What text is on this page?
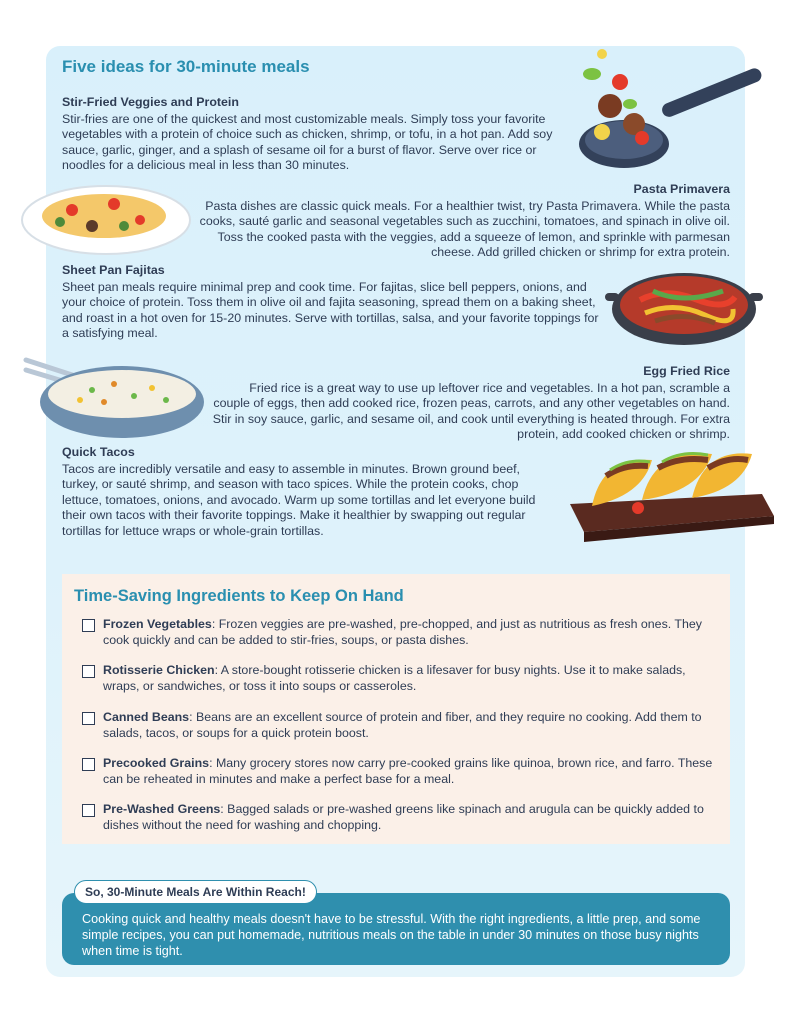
Five ideas for 30-minute meals

Stir-Fried Veggies and Protein

Stir-fries are one of the quickest and most customizable meals. Simply toss your favorite vegetables with a protein of choice such as chicken, shrimp, or tofu, in a hot pan. Add soy sauce, garlic, ginger, and a splash of sesame oil for a burst of flavor. Serve over rice or noodles for a delicious meal in less than 30 minutes.

Pasta Primavera

Pasta dishes are classic quick meals. For a healthier twist, try Pasta Primavera. While the pasta cooks, sauté garlic and seasonal vegetables such as zucchini, tomatoes, and spinach in olive oil. Toss the cooked pasta with the veggies, add a squeeze of lemon, and sprinkle with parmesan cheese. Add grilled chicken or shrimp for extra protein.

Sheet Pan Fajitas

Sheet pan meals require minimal prep and cook time. For fajitas, slice bell peppers, onions, and your choice of protein. Toss them in olive oil and fajita seasoning, spread them on a baking sheet, and roast in a hot oven for 15-20 minutes. Serve with tortillas, salsa, and your favorite toppings for a satisfying meal.

Egg Fried Rice

Fried rice is a great way to use up leftover rice and vegetables. In a hot pan, scramble a couple of eggs, then add cooked rice, frozen peas, carrots, and any other vegetables on hand. Stir in soy sauce, garlic, and sesame oil, and cook until everything is heated through. For extra protein, add cooked chicken or shrimp.

Quick Tacos

Tacos are incredibly versatile and easy to assemble in minutes. Brown ground beef, turkey, or sauté shrimp, and season with taco spices. While the protein cooks, chop lettuce, tomatoes, onions, and avocado. Warm up some tortillas and let everyone build their own tacos with their favorite toppings. Make it healthier by swapping out regular tortillas for lettuce wraps or whole-grain tortillas.

Time-Saving Ingredients to Keep On Hand
Frozen Vegetables: Frozen veggies are pre-washed, pre-chopped, and just as nutritious as fresh ones. They cook quickly and can be added to stir-fries, soups, or pasta dishes.
Rotisserie Chicken: A store-bought rotisserie chicken is a lifesaver for busy nights. Use it to make salads, wraps, or sandwiches, or toss it into soups or casseroles.
Canned Beans: Beans are an excellent source of protein and fiber, and they require no cooking. Add them to salads, tacos, or soups for a quick protein boost.
Precooked Grains: Many grocery stores now carry pre-cooked grains like quinoa, brown rice, and farro. These can be reheated in minutes and make a perfect base for a meal.
Pre-Washed Greens: Bagged salads or pre-washed greens like spinach and arugula can be quickly added to dishes without the need for washing and chopping.

Cooking quick and healthy meals doesn't have to be stressful. With the right ingredients, a little prep, and some simple recipes, you can put homemade, nutritious meals on the table in under 30 minutes on those busy nights when time is tight.

So, 30-Minute Meals Are Within Reach!
